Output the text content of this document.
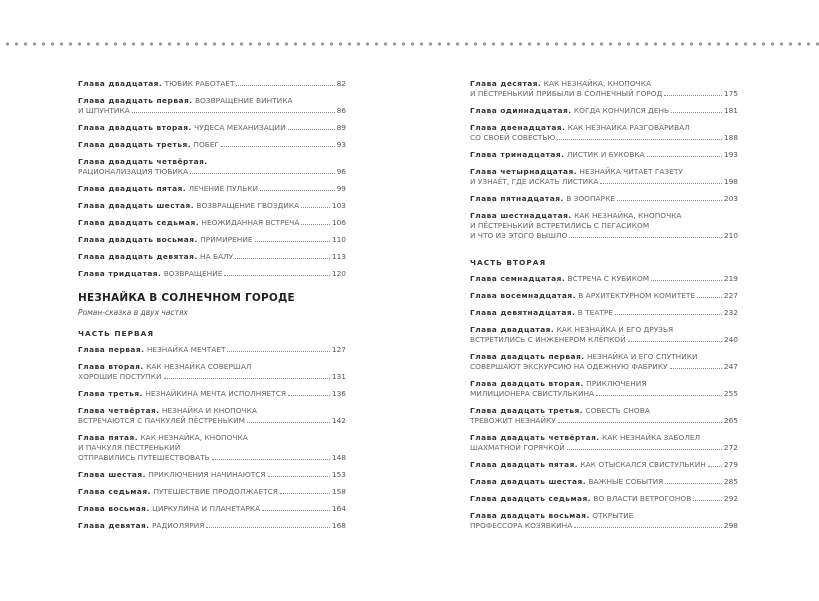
Глава двадцатая.
ТЮБИК РАБОТАЕТ	82
Глава двадцать первая.
ВОЗВРАЩЕНИЕ ВИНТИКА
И ШПУНТИКА	86
Глава двадцать вторая.
ЧУДЕСА МЕХАНИЗАЦИИ	89
Глава двадцать третья.
ПОБЕГ	93
Глава двадцать четвёртая.

РАЦИОНАЛИЗАЦИЯ ТЮБИКА	96
Глава двадцать пятая.
ЛЕЧЕНИЕ ПУЛЬКИ	99
Глава двадцать шестая.
ВОЗВРАЩЕНИЕ ГВОЗДИКА	103
Глава двадцать седьмая.
НЕОЖИДАННАЯ ВСТРЕЧА	106
Глава двадцать восьмая.
ПРИМИРЕНИЕ	110
Глава двадцать девятая.
НА БАЛУ	113
Глава тридцатая.
ВОЗВРАЩЕНИЕ	120
НЕЗНАЙКА В СОЛНЕЧНОМ ГОРОДЕ
Роман-сказка в двух частях
ЧАСТЬ ПЕРВАЯ
Глава первая.
НЕЗНАЙКА МЕЧТАЕТ	127
Глава вторая.
КАК НЕЗНАЙКА СОВЕРШАЛ
ХОРОШИЕ ПОСТУПКИ	131
Глава третья.
НЕЗНАЙКИНА МЕЧТА ИСПОЛНЯЕТСЯ	136
Глава четвёртая.
НЕЗНАЙКА И КНОПОЧКА
ВСТРЕЧАЮТСЯ С ПАЧКУЛЕЙ ПЁСТРЕНЬКИМ	142
Глава пятая.
КАК НЕЗНАЙКА, КНОПОЧКА
И ПАЧКУЛЯ ПЁСТРЕНЬКИЙ
ОТПРАВИЛИСЬ ПУТЕШЕСТВОВАТЬ	148
Глава шестая.
ПРИКЛЮЧЕНИЯ НАЧИНАЮТСЯ	153
Глава седьмая.
ПУТЕШЕСТВИЕ ПРОДОЛЖАЕТСЯ	158
Глава восьмая.
ЦИРКУЛИНА И ПЛАНЕТАРКА	164
Глава девятая.
РАДИОЛЯРИЯ	168
Глава десятая.
КАК НЕЗНАЙКА, КНОПОЧКА
И ПЁСТРЕНЬКИЙ ПРИБЫЛИ В СОЛНЕЧНЫЙ ГОРОД	175
Глава одиннадцатая.
КОГДА КОНЧИЛСЯ ДЕНЬ	181
Глава двенадцатая.
КАК НЕЗНАЙКА РАЗГОВАРИВАЛ
СО СВОЕЙ СОВЕСТЬЮ	188
Глава тринадцатая.
ЛИСТИК И БУКОВКА	193
Глава четырнадцатая.
НЕЗНАЙКА ЧИТАЕТ ГАЗЕТУ
И УЗНАЁТ, ГДЕ ИСКАТЬ ЛИСТИКА	198
Глава пятнадцатая.
В ЗООПАРКЕ	203
Глава шестнадцатая.
КАК НЕЗНАЙКА, КНОПОЧКА
И ПЁСТРЕНЬКИЙ ВСТРЕТИЛИСЬ С ПЕГАСИКОМ
И ЧТО ИЗ ЭТОГО ВЫШЛО	210
ЧАСТЬ ВТОРАЯ
Глава семнадцатая.
ВСТРЕЧА С КУБИКОМ	219
Глава восемнадцатая.
В АРХИТЕКТУРНОМ КОМИТЕТЕ	227
Глава девятнадцатая.
В ТЕАТРЕ	232
Глава двадцатая.
КАК НЕЗНАЙКА И ЕГО ДРУЗЬЯ
ВСТРЕТИЛИСЬ С ИНЖЕНЕРОМ КЛЁПКОЙ	240
Глава двадцать первая.
НЕЗНАЙКА И ЕГО СПУТНИКИ
СОВЕРШАЮТ ЭКСКУРСИЮ НА ОДЕЖНУЮ ФАБРИКУ	247
Глава двадцать вторая.
ПРИКЛЮЧЕНИЯ
МИЛИЦИОНЕРА СВИСТУЛЬКИНА	255
Глава двадцать третья.
СОВЕСТЬ СНОВА
ТРЕВОЖИТ НЕЗНАЙКУ	265
Глава двадцать четвёртая.
КАК НЕЗНАЙКА ЗАБОЛЕЛ
ШАХМАТНОЙ ГОРЯЧКОЙ	272
Глава двадцать пятая.
КАК ОТЫСКАЛСЯ СВИСТУЛЬКИН 279
Глава двадцать шестая.
ВАЖНЫЕ СОБЫТИЯ	285
Глава двадцать седьмая.
ВО ВЛАСТИ ВЕТРОГОНОВ	292
Глава двадцать восьмая.
ОТКРЫТИЕ
ПРОФЕССОРА КОЗЯВКИНА	298
